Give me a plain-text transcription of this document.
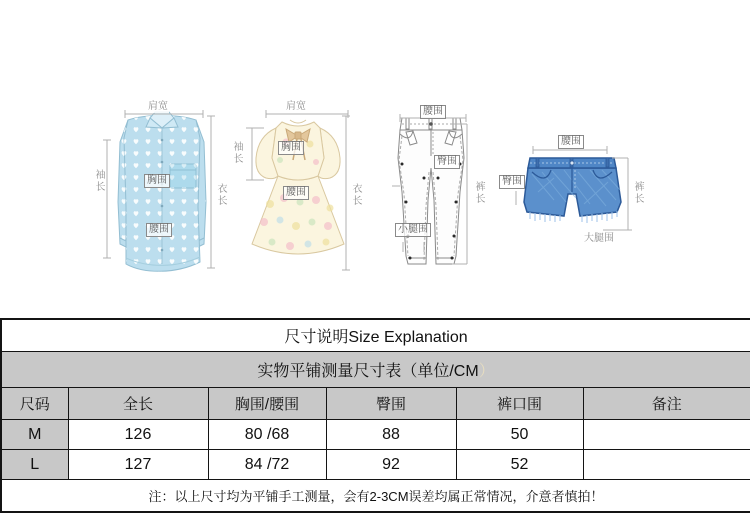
肩宽
袖长	胸围
腰围
衣长
肩宽
袖长	胸围
腰围	衣长
腰围
臀围
小腿围
裤长
腰围
臀围
大腿围
裤长
尺寸说明Size Explanation					
实物平铺测量尺寸表（单位/CM）					
尺码	全长	胸围/腰围	臀围	裤口围	备注
M	126	80 /68	88	50	
L	127	84 /72	92	52	
注：以上尺寸均为平铺手工测量，会有2-3CM误差均属正常情况，介意者慎拍！					
